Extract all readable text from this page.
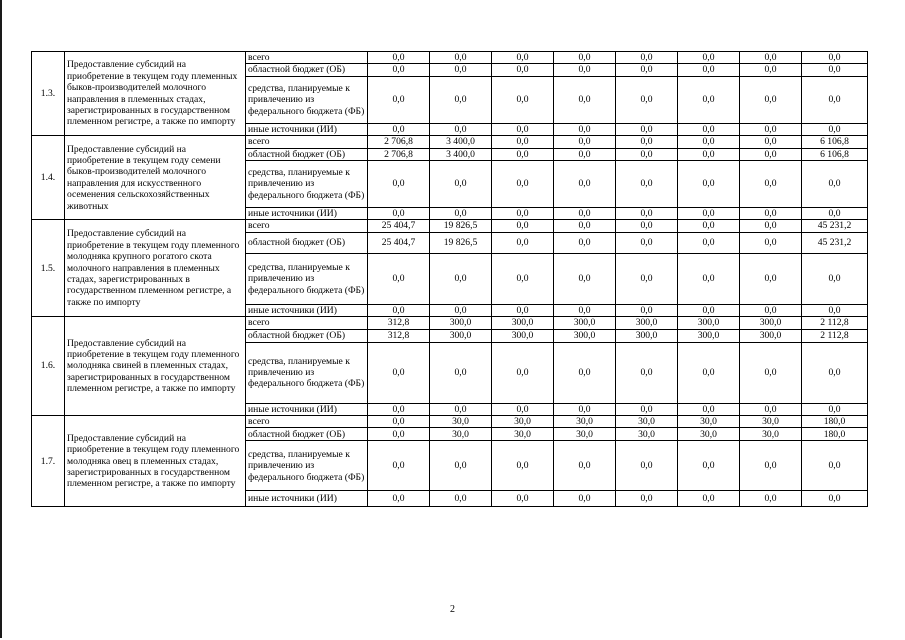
1.3.	Предоставление субсидий на приобретение в текущем году племенных быков-производителей молочного направления в племенных стадах, зарегистрированных в государственном племенном регистре, а также по импорту	всего	0,0	0,0	0,0	0,0	0,0	0,0	0,0	0,0
		областной бюджет (ОБ)	0,0	0,0	0,0	0,0	0,0	0,0	0,0	0,0
		средства, планируемые к привлечению из федерального бюджета (ФБ)	0,0	0,0	0,0	0,0	0,0	0,0	0,0	0,0
		иные источники (ИИ)	0,0	0,0	0,0	0,0	0,0	0,0	0,0	0,0
1.4.	Предоставление субсидий на приобретение в текущем году семени быков-производителей молочного направления для искусственного осеменения сельскохозяйственных животных	всего	2 706,8	3 400,0	0,0	0,0	0,0	0,0	0,0	6 106,8
		областной бюджет (ОБ)	2 706,8	3 400,0	0,0	0,0	0,0	0,0	0,0	6 106,8
		средства, планируемые к привлечению из федерального бюджета (ФБ)	0,0	0,0	0,0	0,0	0,0	0,0	0,0	0,0
		иные источники (ИИ)	0,0	0,0	0,0	0,0	0,0	0,0	0,0	0,0
1.5.	Предоставление субсидий на приобретение в текущем году племенного молодняка крупного рогатого скота молочного направления в племенных стадах, зарегистрированных в государственном племенном регистре, а также по импорту	всего	25 404,7	19 826,5	0,0	0,0	0,0	0,0	0,0	45 231,2
		областной бюджет (ОБ)	25 404,7	19 826,5	0,0	0,0	0,0	0,0	0,0	45 231,2
		средства, планируемые к привлечению из федерального бюджета (ФБ)	0,0	0,0	0,0	0,0	0,0	0,0	0,0	0,0
		иные источники (ИИ)	0,0	0,0	0,0	0,0	0,0	0,0	0,0	0,0
1.6.	Предоставление субсидий на приобретение в текущем году племенного молодняка свиней в племенных стадах, зарегистрированных в государственном племенном регистре, а также по импорту	всего	312,8	300,0	300,0	300,0	300,0	300,0	300,0	2 112,8
		областной бюджет (ОБ)	312,8	300,0	300,0	300,0	300,0	300,0	300,0	2 112,8
		средства, планируемые к привлечению из федерального бюджета (ФБ)	0,0	0,0	0,0	0,0	0,0	0,0	0,0	0,0
		иные источники (ИИ)	0,0	0,0	0,0	0,0	0,0	0,0	0,0	0,0
1.7.	Предоставление субсидий на приобретение в текущем году племенного молодняка овец в племенных стадах, зарегистрированных в государственном племенном регистре, а также по импорту	всего	0,0	30,0	30,0	30,0	30,0	30,0	30,0	180,0
		областной бюджет (ОБ)	0,0	30,0	30,0	30,0	30,0	30,0	30,0	180,0
		средства, планируемые к привлечению из федерального бюджета (ФБ)	0,0	0,0	0,0	0,0	0,0	0,0	0,0	0,0
		иные источники (ИИ)	0,0	0,0	0,0	0,0	0,0	0,0	0,0	0,0
2
